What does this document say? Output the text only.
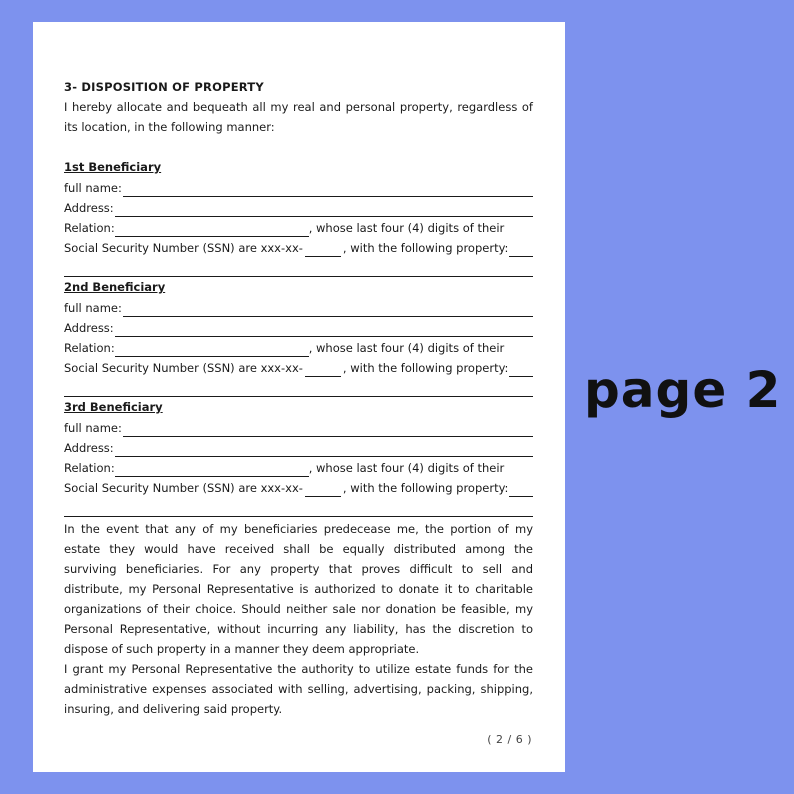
3- DISPOSITION OF PROPERTY

I hereby allocate and bequeath all my real and personal property, regardless of its location, in the following manner:

1st Beneficiary
full name:
Address:
Relation:	, whose last four (4) digits of their
Social Security Number (SSN) are xxx-xx-	, with the following property:
2nd Beneficiary
full name:
Address:
Relation:	, whose last four (4) digits of their
Social Security Number (SSN) are xxx-xx-	, with the following property:
3rd Beneficiary
full name:
Address:
Relation:	, whose last four (4) digits of their
Social Security Number (SSN) are xxx-xx-	, with the following property:

In the event that any of my beneficiaries predecease me, the portion of my estate they would have received shall be equally distributed among the surviving beneficiaries. For any property that proves difficult to sell and distribute, my Personal Representative is authorized to donate it to charitable organizations of their choice. Should neither sale nor donation be feasible, my Personal Representative, without incurring any liability, has the discretion to dispose of such property in a manner they deem appropriate.

I grant my Personal Representative the authority to utilize estate funds for the administrative expenses associated with selling, advertising, packing, shipping, insuring, and delivering said property.

( 2 / 6 )
page 2
